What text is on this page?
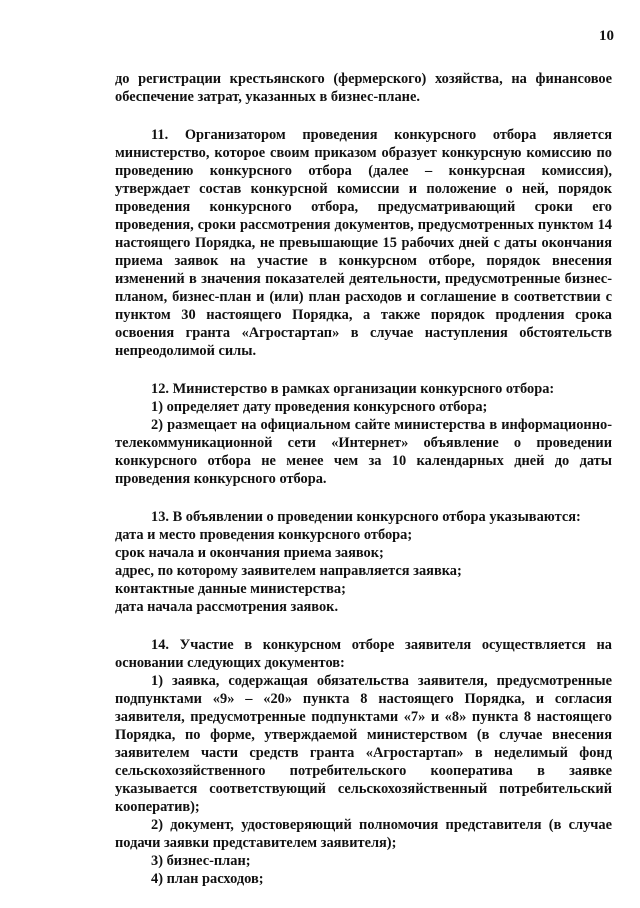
10

до регистрации крестьянского (фермерского) хозяйства, на финансовое обеспечение затрат, указанных в бизнес-плане.

11. Организатором проведения конкурсного отбора является министерство, которое своим приказом образует конкурсную комиссию по проведению конкурсного отбора (далее – конкурсная комиссия), утверждает состав конкурсной комиссии и положение о ней, порядок проведения конкурсного отбора, предусматривающий сроки его проведения, сроки рассмотрения документов, предусмотренных пунктом 14 настоящего Порядка, не превышающие 15 рабочих дней с даты окончания приема заявок на участие в конкурсном отборе, порядок внесения изменений в значения показателей деятельности, предусмотренные бизнес-планом, бизнес-план и (или) план расходов и соглашение в соответствии с пунктом 30 настоящего Порядка, а также порядок продления срока освоения гранта «Агростартап» в случае наступления обстоятельств непреодолимой силы.

12. Министерство в рамках организации конкурсного отбора:
1) определяет дату проведения конкурсного отбора;
2) размещает на официальном сайте министерства в информационно-телекоммуникационной сети «Интернет» объявление о проведении конкурсного отбора не менее чем за 10 календарных дней до даты проведения конкурсного отбора.
13. В объявлении о проведении конкурсного отбора указываются:
дата и место проведения конкурсного отбора;
срок начала и окончания приема заявок;
адрес, по которому заявителем направляется заявка;
контактные данные министерства;
дата начала рассмотрения заявок.
14. Участие в конкурсном отборе заявителя осуществляется на основании следующих документов:
1) заявка, содержащая обязательства заявителя, предусмотренные подпунктами «9» – «20» пункта 8 настоящего Порядка, и согласия заявителя, предусмотренные подпунктами «7» и «8» пункта 8 настоящего Порядка, по форме, утверждаемой министерством (в случае внесения заявителем части средств гранта «Агростартап» в неделимый фонд сельскохозяйственного потребительского кооператива в заявке указывается соответствующий сельскохозяйственный потребительский кооператив);
2) документ, удостоверяющий полномочия представителя (в случае подачи заявки представителем заявителя);
3) бизнес-план;
4) план расходов;
